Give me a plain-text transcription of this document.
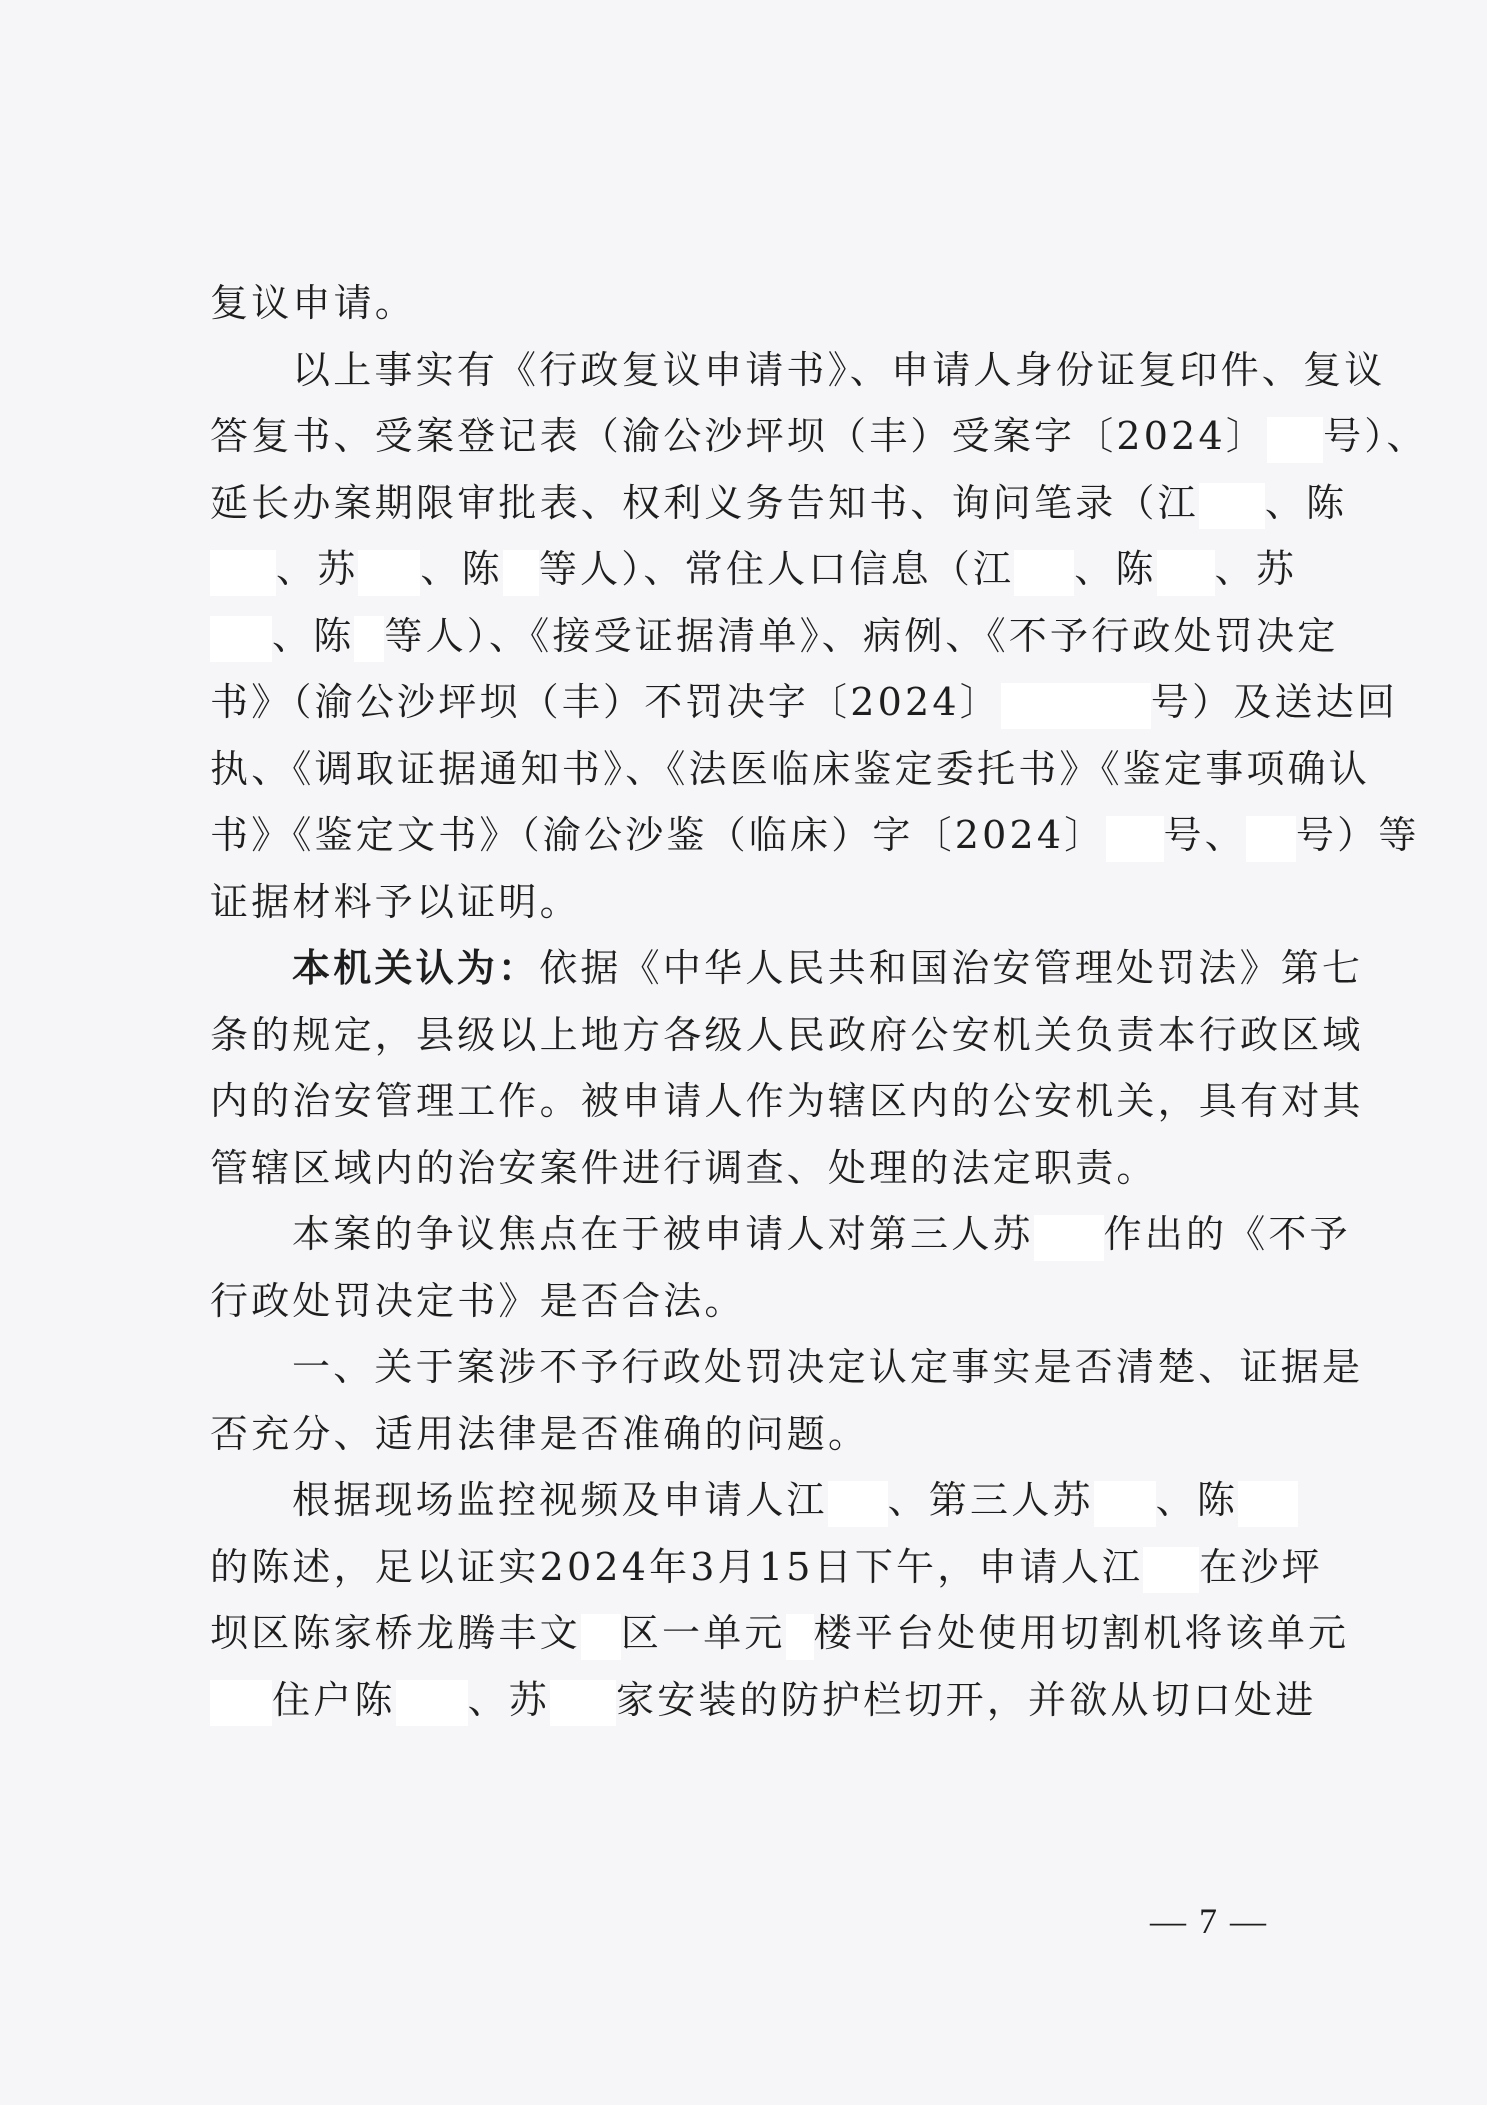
复议申请。
以上事实有《行政复议申请书》、申请人身份证复印件、复议
答复书、受案登记表（渝公沙坪坝（丰）受案字〔2024〕 号）、
延长办案期限审批表、权利义务告知书、询问笔录（江 、陈
、苏 、陈 等人）、常住人口信息（江 、陈 、苏
、陈 等人）、《接受证据清单》、病例、《不予行政处罚决定
书》（渝公沙坪坝（丰）不罚决字〔2024〕	号）及送达回
执、《调取证据通知书》、《法医临床鉴定委托书》《鉴定事项确认
书》《鉴定文书》（渝公沙鉴（临床）字〔2024〕 号、 号）等
证据材料予以证明。
本机关认为：依据《中华人民共和国治安管理处罚法》第七
条的规定，县级以上地方各级人民政府公安机关负责本行政区域
内的治安管理工作。被申请人作为辖区内的公安机关，具有对其
管辖区域内的治安案件进行调查、处理的法定职责。
本案的争议焦点在于被申请人对第三人苏 作出的《不予
行政处罚决定书》是否合法。
一、关于案涉不予行政处罚决定认定事实是否清楚、证据是
否充分、适用法律是否准确的问题。
根据现场监控视频及申请人江 、第三人苏 、陈
的陈述，足以证实2024年3月15日下午，申请人江 在沙坪
坝区陈家桥龙腾丰文 区一单元 楼平台处使用切割机将该单元
住户陈 、苏 家安装的防护栏切开，并欲从切口处进
— 7 —
